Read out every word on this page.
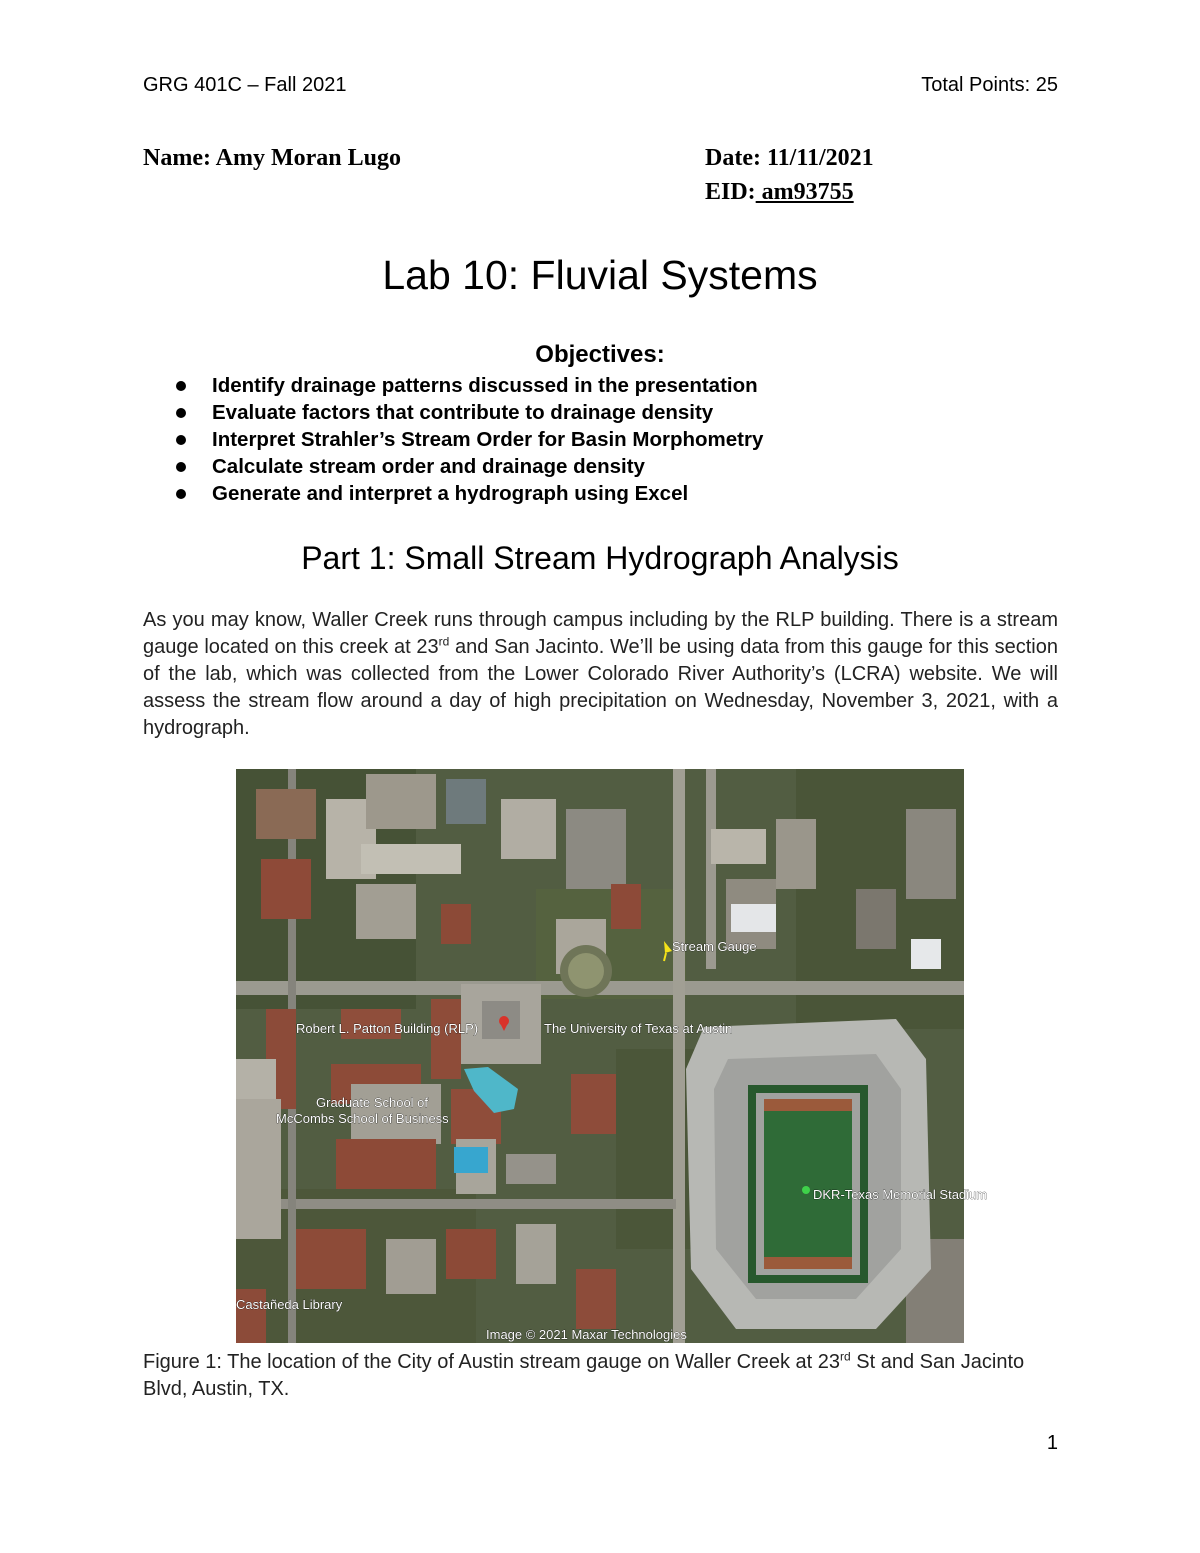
GRG 401C – Fall 2021	Total Points: 25
Name: Amy Moran Lugo	Date: 11/11/2021
EID: am93755
Lab 10: Fluvial Systems
Objectives:
Identify drainage patterns discussed in the presentation
Evaluate factors that contribute to drainage density
Interpret Strahler’s Stream Order for Basin Morphometry
Calculate stream order and drainage density
Generate and interpret a hydrograph using Excel
Part 1: Small Stream Hydrograph Analysis
As you may know, Waller Creek runs through campus including by the RLP building. There is a stream gauge located on this creek at 23rd and San Jacinto. We’ll be using data from this gauge for this section of the lab, which was collected from the Lower Colorado River Authority’s (LCRA) website. We will assess the stream flow around a day of high precipitation on Wednesday, November 3, 2021, with a hydrograph.
Stream Gauge
Robert L. Patton Building (RLP)	The University of Texas at Austin
Graduate School of
McCombs School of Business
DKR-Texas Memorial Stadium
Castañeda Library
Image © 2021 Maxar Technologies
Figure 1: The location of the City of Austin stream gauge on Waller Creek at 23rd St and San Jacinto Blvd, Austin, TX.
1
